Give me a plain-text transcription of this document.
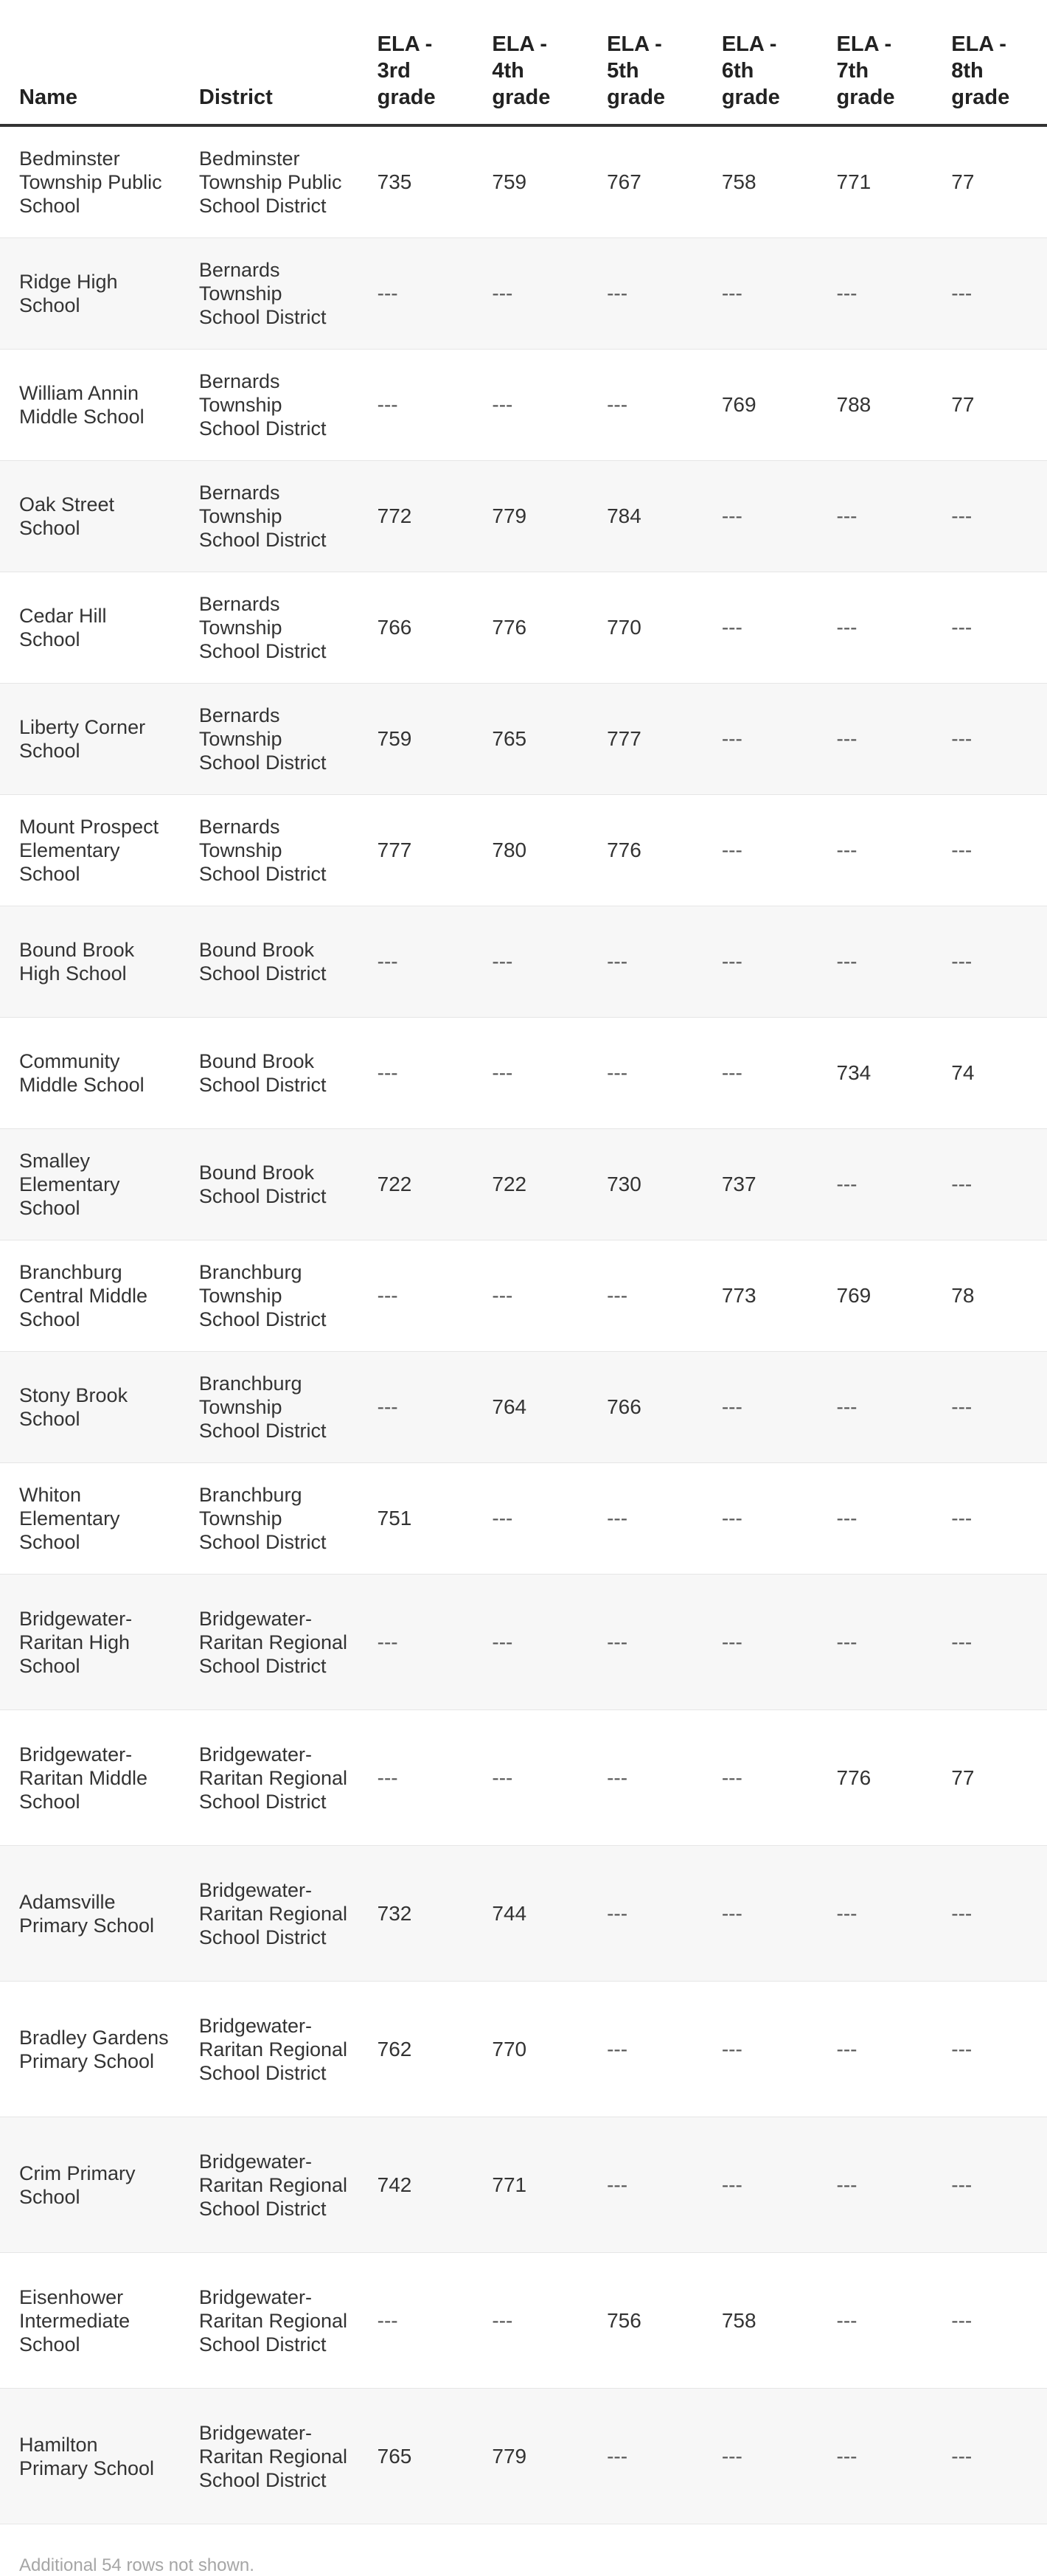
Name	District	ELA - 3rd grade	ELA - 4th grade	ELA - 5th grade	ELA - 6th grade	ELA - 7th grade	ELA - 8th grade
Bedminster Township Public School	Bedminster Township Public School District	735	759	767	758	771	77
Ridge High School	Bernards Township School District	---	---	---	---	---	---
William Annin Middle School	Bernards Township School District	---	---	---	769	788	77
Oak Street School	Bernards Township School District	772	779	784	---	---	---
Cedar Hill School	Bernards Township School District	766	776	770	---	---	---
Liberty Corner School	Bernards Township School District	759	765	777	---	---	---
Mount Prospect Elementary School	Bernards Township School District	777	780	776	---	---	---
Bound Brook High School	Bound Brook School District	---	---	---	---	---	---
Community Middle School	Bound Brook School District	---	---	---	---	734	74
Smalley Elementary School	Bound Brook School District	722	722	730	737	---	---
Branchburg Central Middle School	Branchburg Township School District	---	---	---	773	769	78
Stony Brook School	Branchburg Township School District	---	764	766	---	---	---
Whiton Elementary School	Branchburg Township School District	751	---	---	---	---	---
Bridgewater-Raritan High School	Bridgewater-Raritan Regional School District	---	---	---	---	---	---
Bridgewater-Raritan Middle School	Bridgewater-Raritan Regional School District	---	---	---	---	776	77
Adamsville Primary School	Bridgewater-Raritan Regional School District	732	744	---	---	---	---
Bradley Gardens Primary School	Bridgewater-Raritan Regional School District	762	770	---	---	---	---
Crim Primary School	Bridgewater-Raritan Regional School District	742	771	---	---	---	---
Eisenhower Intermediate School	Bridgewater-Raritan Regional School District	---	---	756	758	---	---
Hamilton Primary School	Bridgewater-Raritan Regional School District	765	779	---	---	---	---
Additional 54 rows not shown.
